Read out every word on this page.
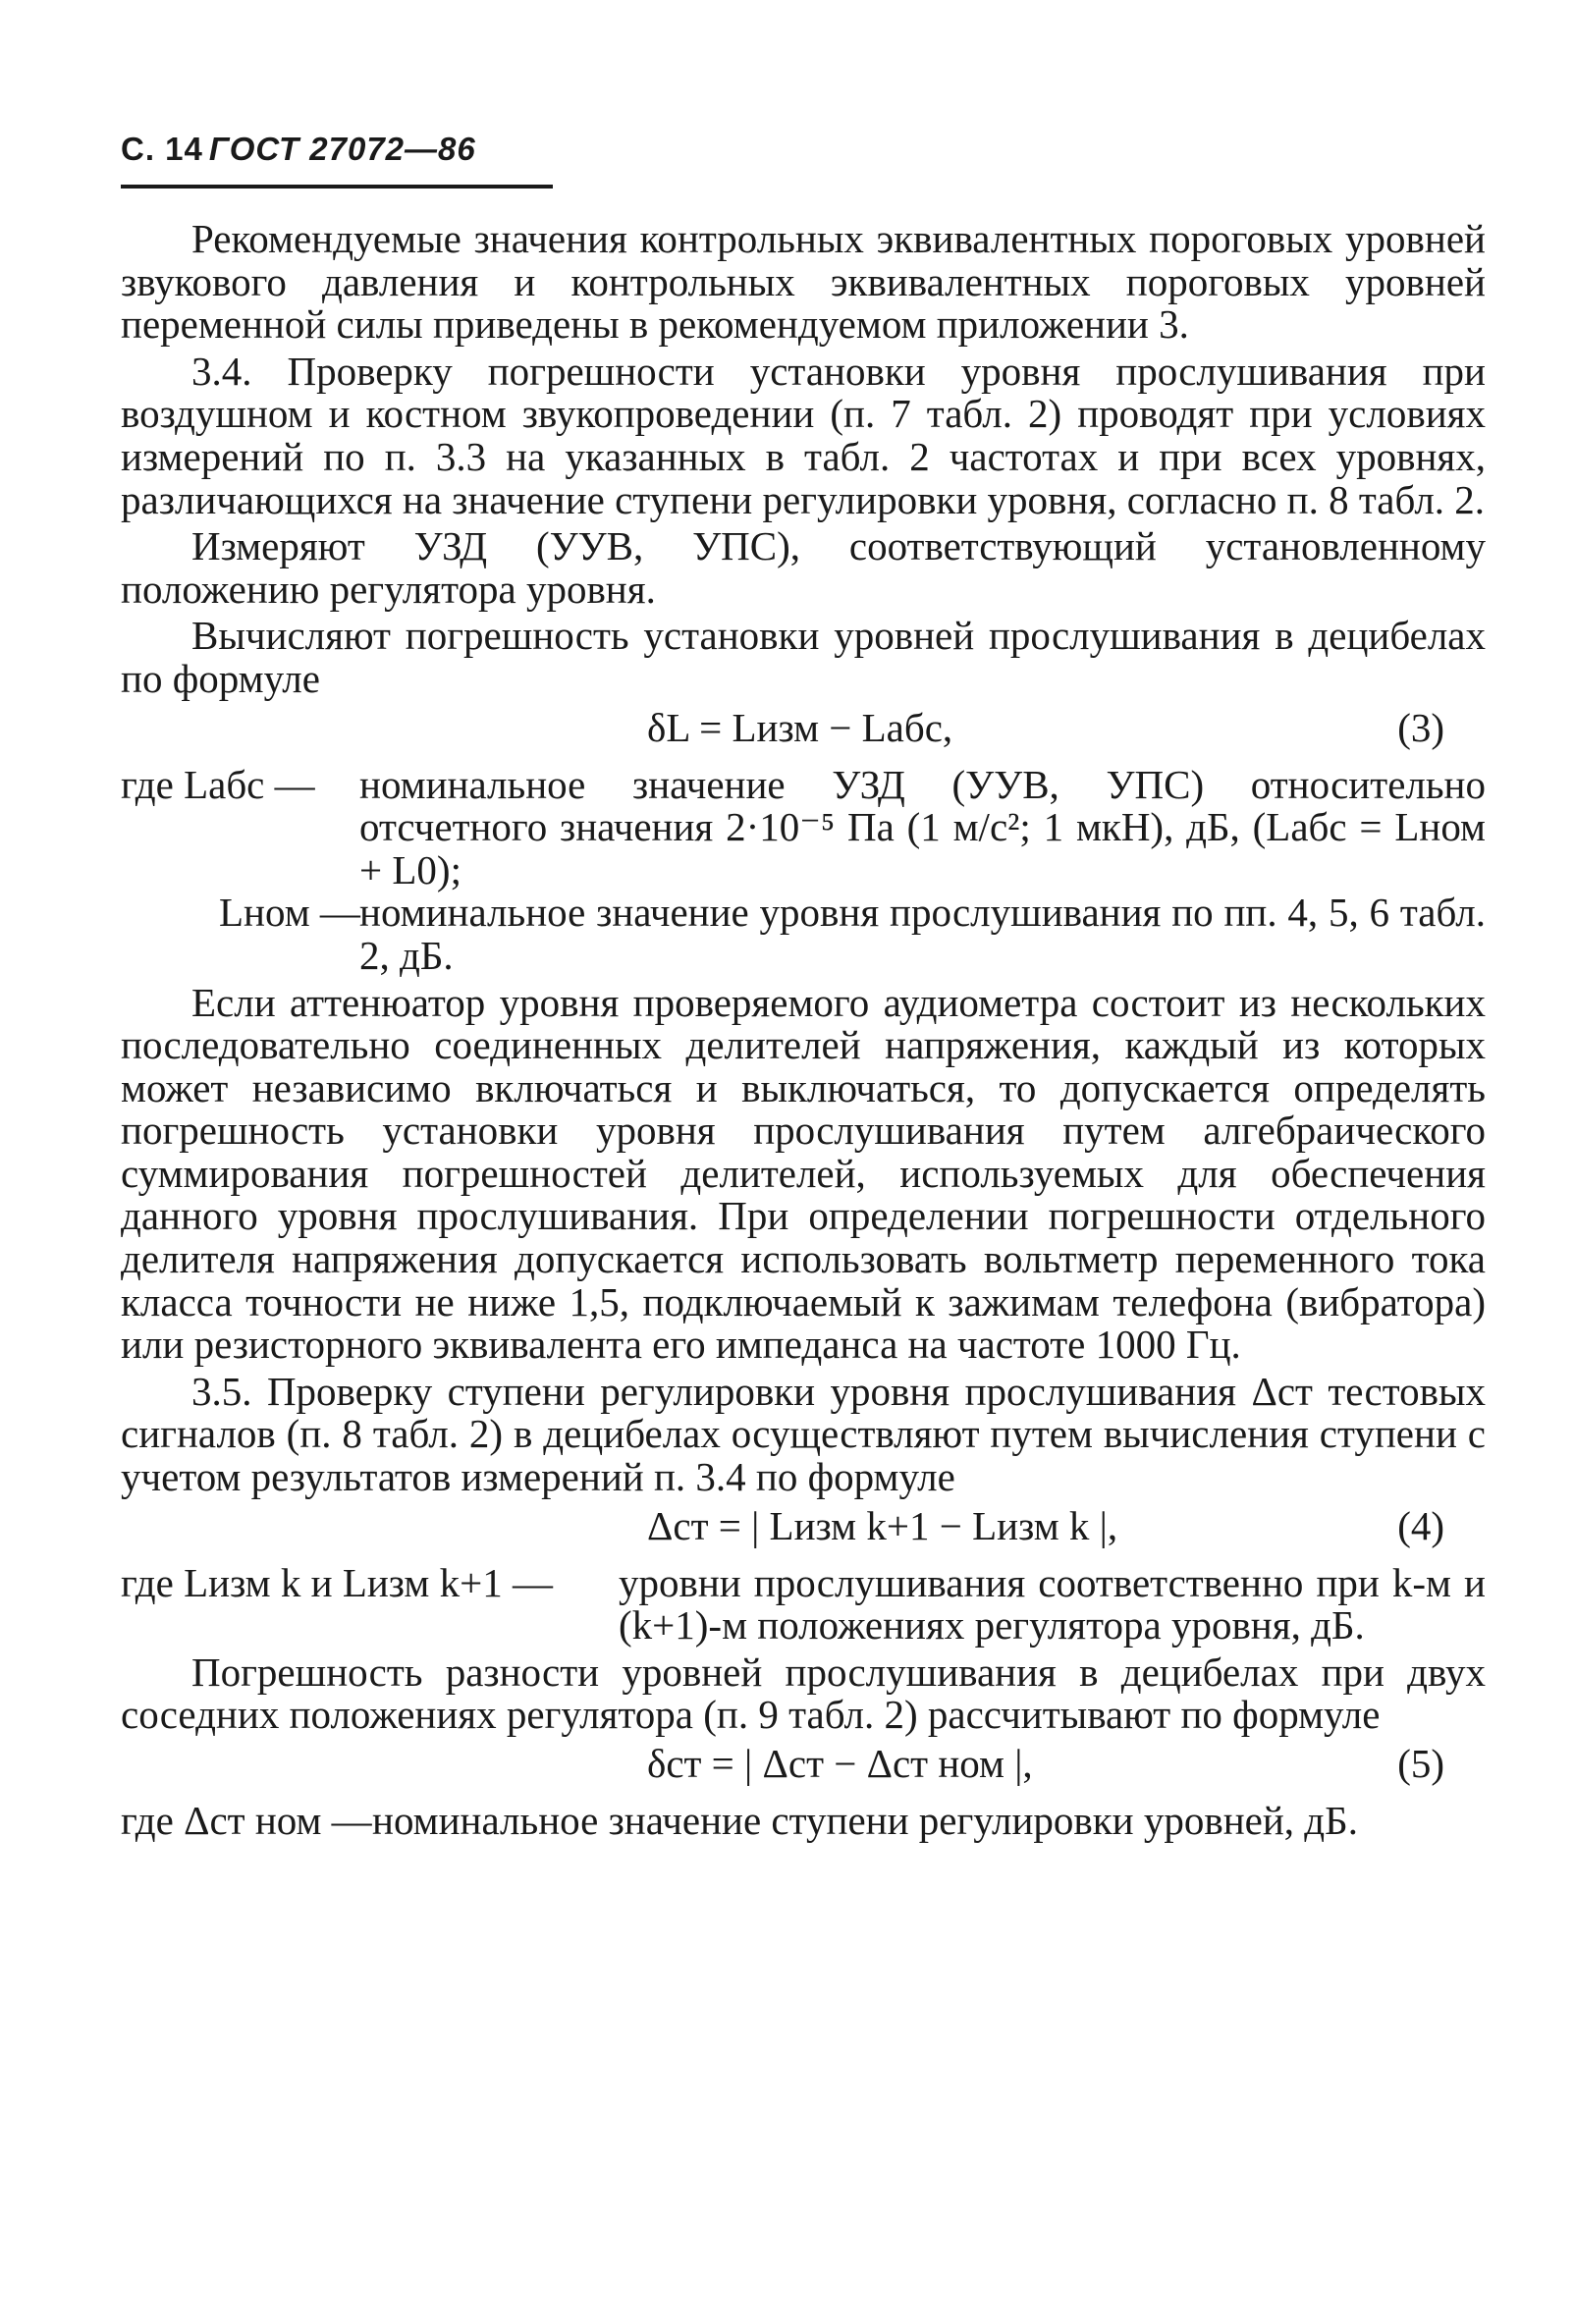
С. 14 ГОСТ 27072—86

Рекомендуемые значения контрольных эквивалентных пороговых уровней звукового давления и контрольных эквивалентных пороговых уровней переменной силы приведены в рекомендуемом приложении 3.

3.4. Проверку погрешности установки уровня прослушивания при воздушном и костном звукопроведении (п. 7 табл. 2) проводят при условиях измерений по п. 3.3 на указанных в табл. 2 частотах и при всех уровнях, различающихся на значение ступени регулировки уровня, согласно п. 8 табл. 2.

Измеряют УЗД (УУВ, УПС), соответствующий установленному положению регулятора уровня.

Вычисляют погрешность установки уровней прослушивания в децибелах по формуле

δL = Lизм − Lабс,	(3)
где Lабс —	номинальное значение УЗД (УУВ, УПС) относительно отсчетного значения 2·10⁻⁵ Па (1 м/с²; 1 мкН), дБ, (Lабс = Lном + L0);
Lном — номинальное значение уровня прослушивания по пп. 4, 5, 6 табл. 2, дБ.

Если аттенюатор уровня проверяемого аудиометра состоит из нескольких последовательно соединенных делителей напряжения, каждый из которых может независимо включаться и выключаться, то допускается определять погрешность установки уровня прослушивания путем алгебраического суммирования погрешностей делителей, используемых для обеспечения данного уровня прослушивания. При определении погрешности отдельного делителя напряжения допускается использовать вольтметр переменного тока класса точности не ниже 1,5, подключаемый к зажимам телефона (вибратора) или резисторного эквивалента его импеданса на частоте 1000 Гц.

3.5. Проверку ступени регулировки уровня прослушивания Δст тестовых сигналов (п. 8 табл. 2) в децибелах осуществляют путем вычисления ступени с учетом результатов измерений п. 3.4 по формуле

Δст = | Lизм k+1 − Lизм k |,	(4)
где Lизм k и Lизм k+1 —	уровни прослушивания соответственно при k-м и (k+1)-м положениях регулятора уровня, дБ.

Погрешность разности уровней прослушивания в децибелах при двух соседних положениях регулятора (п. 9 табл. 2) рассчитывают по формуле

δст = | Δст − Δст ном |,	(5)
где Δст ном — номинальное значение ступени регулировки уровней, дБ.
